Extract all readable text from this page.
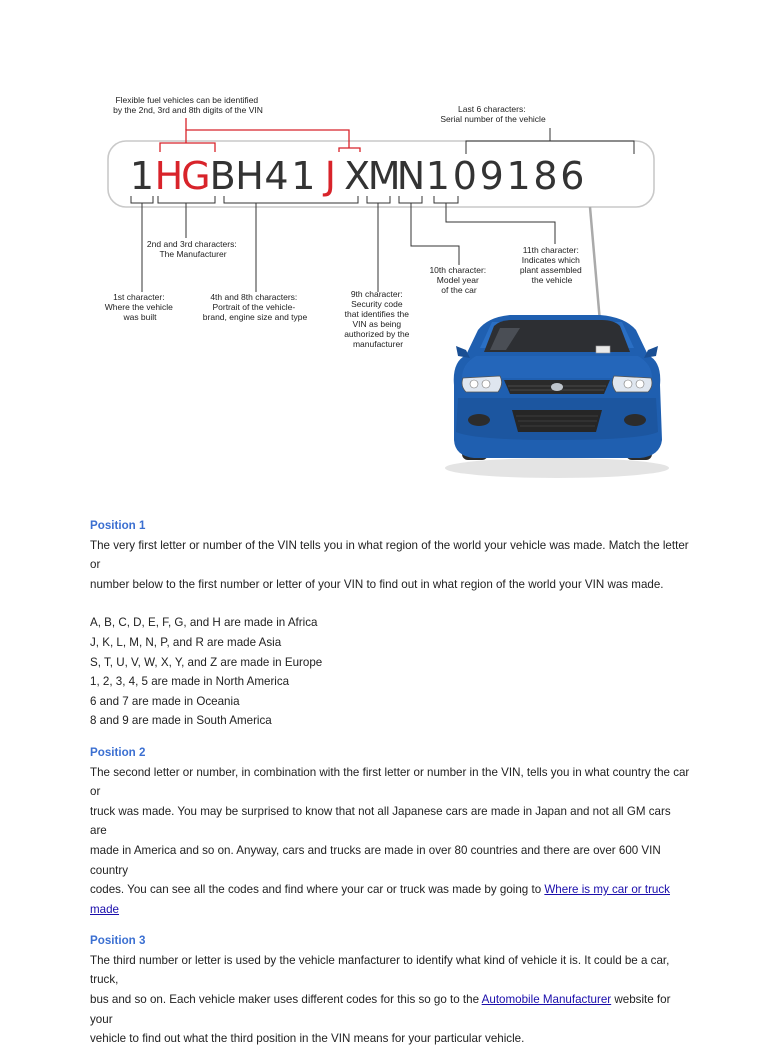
1 H
G B H 4 1 J X
M
N 1 0 9 1 8 6
Flexible fuel vehicles can be identified by the 2nd, 3rd and 8th digits of the VIN	Last 6 characters: Serial number of the vehicle
2nd and 3rd characters: The Manufacturer
1st character: Where the vehicle was built
4th and 8th characters: Portrait of the vehicle- brand, engine size and type
9th character: Security code that identifies the VIN as being authorized by the manufacturer
10th character: Model year of the car
11th character: Indicates which plant assembled the vehicle

Position 1

The very first letter or number of the VIN tells you in what region of the world your vehicle was made. Match the letter or

number below to the first number or letter of your VIN to find out in what region of the world your VIN was made.

A, B, C, D, E, F, G, and H are made in Africa

J, K, L, M, N, P, and R are made Asia

S, T, U, V, W, X, Y, and Z are made in Europe

1, 2, 3, 4, 5 are made in North America

6 and 7 are made in Oceania

8 and 9 are made in South America

Position 2

The second letter or number, in combination with the first letter or number in the VIN, tells you in what country the car or

truck was made. You may be surprised to know that not all Japanese cars are made in Japan and not all GM cars are

made in America and so on. Anyway, cars and trucks are made in over 80 countries and there are over 600 VIN country

codes. You can see all the codes and find where your car or truck was made by going to Where is my car or truck made

Position 3

The third number or letter is used by the vehicle manfacturer to identify what kind of vehicle it is. It could be a car, truck,

bus and so on. Each vehicle maker uses different codes for this so go to the Automobile Manufacturer website for your

vehicle to find out what the third position in the VIN means for your particular vehicle.
